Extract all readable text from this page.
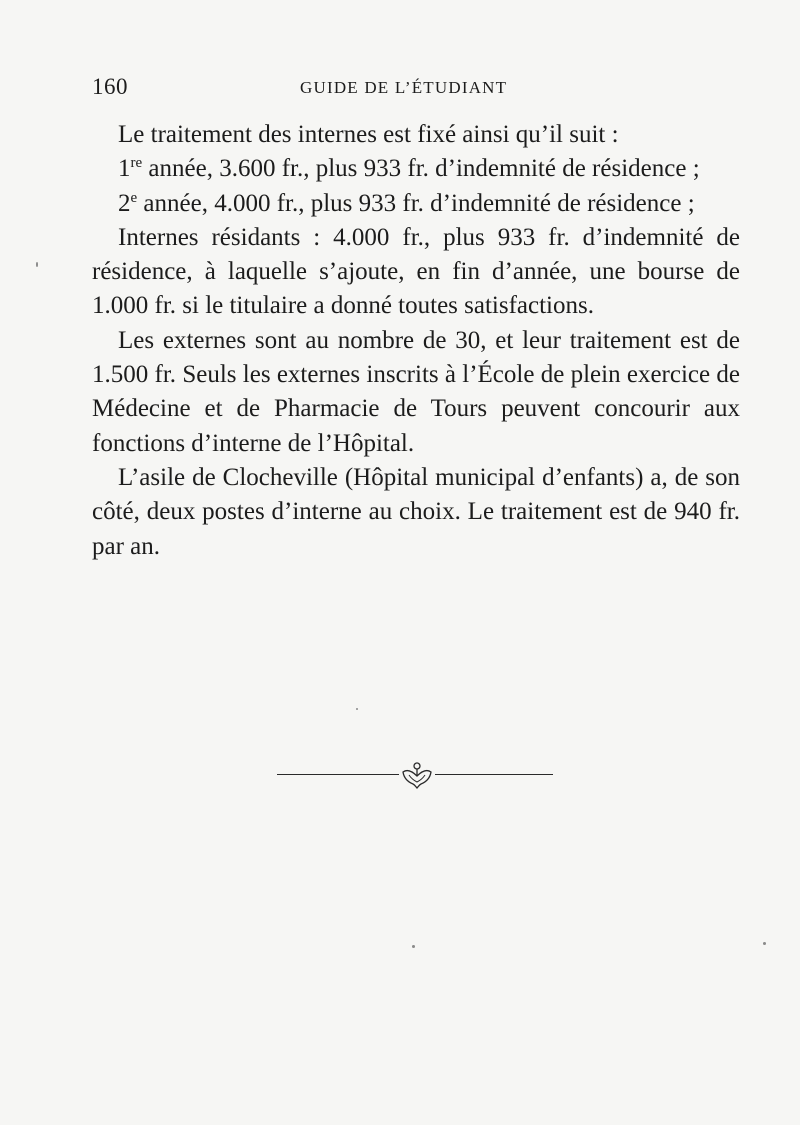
160	GUIDE DE L’ÉTUDIANT

Le traitement des internes est fixé ainsi qu’il suit :

1re année, 3.600 fr., plus 933 fr. d’indemnité de résidence ;

2e année, 4.000 fr., plus 933 fr. d’indemnité de résidence ;

Internes résidants : 4.000 fr., plus 933 fr. d’indemnité de résidence, à laquelle s’ajoute, en fin d’année, une bourse de 1.000 fr. si le titulaire a donné toutes satisfactions.

Les externes sont au nombre de 30, et leur traitement est de 1.500 fr. Seuls les externes inscrits à l’École de plein exercice de Médecine et de Pharmacie de Tours peuvent concourir aux fonctions d’interne de l’Hôpital.

L’asile de Clocheville (Hôpital municipal d’enfants) a, de son côté, deux postes d’interne au choix. Le traitement est de 940 fr. par an.
